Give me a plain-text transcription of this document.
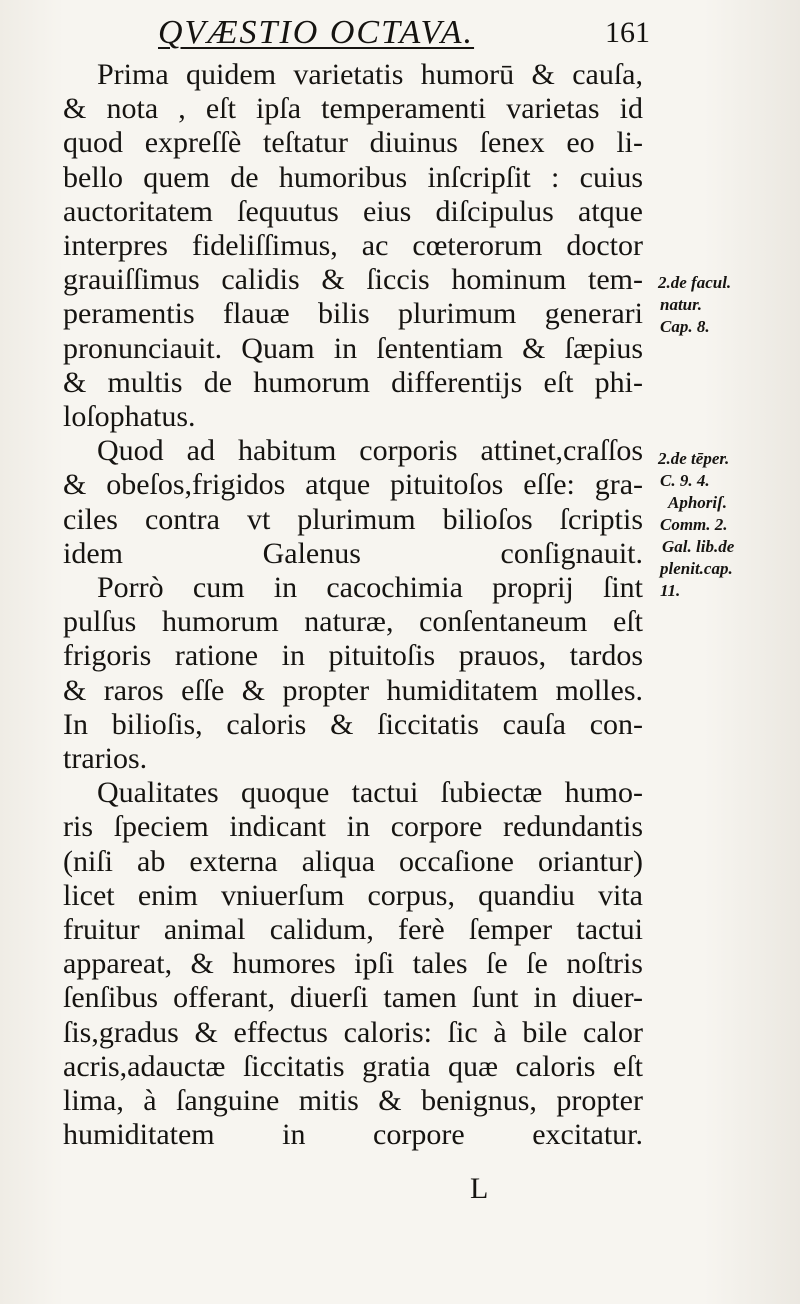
QVÆSTIO OCTAVA.	161

Prima quidem varietatis humorū & cauſa,
& nota , eſt ipſa temperamenti varietas id
quod expreſſè teſtatur diuinus ſenex eo li-
bello quem de humoribus inſcripſit : cuius
auctoritatem ſequutus eius diſcipulus atque
interpres fideliſſimus, ac cœterorum doctor
grauiſſimus calidis & ſiccis hominum tem-
peramentis flauæ bilis plurimum generari
pronunciauit. Quam in ſententiam & ſæpius
& multis de humorum differentijs eſt phi-
loſophatus.

Quod ad habitum corporis attinet,craſſos
& obeſos,frigidos atque pituitoſos eſſe: gra-
ciles contra vt plurimum bilioſos ſcriptis
idem Galenus conſignauit.

Porrò cum in cacochimia proprij ſint
pulſus humorum naturæ, conſentaneum eſt
frigoris ratione in pituitoſis prauos, tardos
& raros eſſe & propter humiditatem molles.
In bilioſis, caloris & ſiccitatis cauſa con-
trarios.

Qualitates quoque tactui ſubiectæ humo-
ris ſpeciem indicant in corpore redundantis
(niſi ab externa aliqua occaſione oriantur)
licet enim vniuerſum corpus, quandiu vita
fruitur animal calidum, ferè ſemper tactui
appareat, & humores ipſi tales ſe ſe noſtris
ſenſibus offerant, diuerſi tamen ſunt in diuer-
ſis,gradus & effectus caloris: ſic à bile calor
acris,adauctæ ſiccitatis gratia quæ caloris eſt
lima, à ſanguine mitis & benignus, propter
humiditatem in corpore excitatur.

2.de facul.
natur.
Cap. 8.
2.de tēper.
C. 9. 4.
Aphoriſ.
Comm. 2.
Gal. lib.de
plenit.cap.
11.
L
